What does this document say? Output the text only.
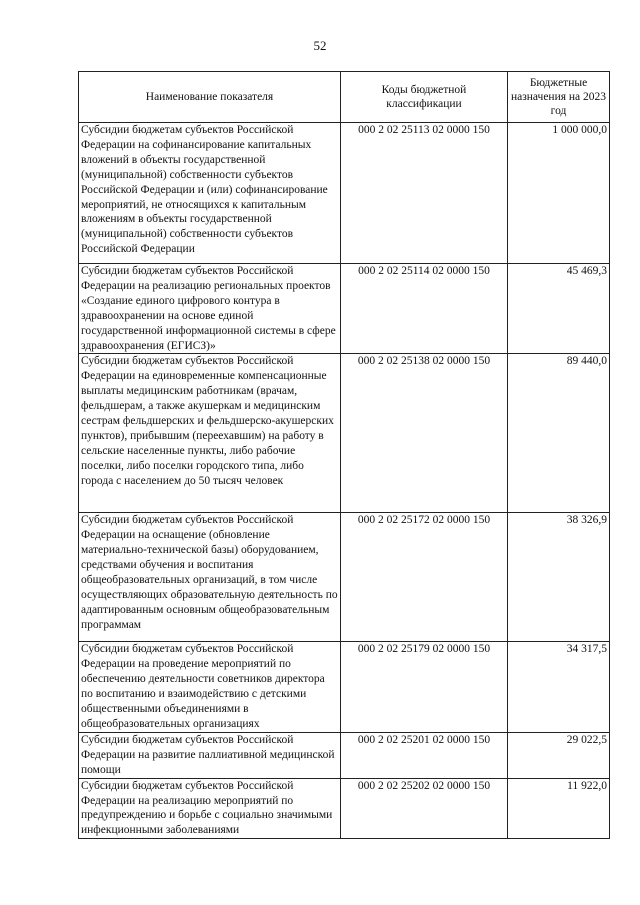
52
Наименование показателя	Коды бюджетной классификации	Бюджетные назначения на 2023 год
Субсидии бюджетам субъектов Российской Федерации на софинансирование капитальных вложений в объекты государственной (муниципальной) собственности субъектов Российской Федерации и (или) софинансирование мероприятий, не относящихся к капитальным вложениям в объекты государственной (муниципальной) собственности субъектов Российской Федерации	000 2 02 25113 02 0000 150	1 000 000,0
Субсидии бюджетам субъектов Российской Федерации на реализацию региональных проектов «Создание единого цифрового контура в здравоохранении на основе единой государственной информационной системы в сфере здравоохранения (ЕГИСЗ)»	000 2 02 25114 02 0000 150	45 469,3
Субсидии бюджетам субъектов Российской Федерации на единовременные компенсационные выплаты медицинским работникам (врачам, фельдшерам, а также акушеркам и медицинским сестрам фельдшерских и фельдшерско-акушерских пунктов), прибывшим (переехавшим) на работу в сельские населенные пункты, либо рабочие поселки, либо поселки городского типа, либо города с населением до 50 тысяч человек	000 2 02 25138 02 0000 150	89 440,0
Субсидии бюджетам субъектов Российской Федерации на оснащение (обновление материально-технической базы) оборудованием, средствами обучения и воспитания общеобразовательных организаций, в том числе осуществляющих образовательную деятельность по адаптированным основным общеобразовательным программам	000 2 02 25172 02 0000 150	38 326,9
Субсидии бюджетам субъектов Российской Федерации на проведение мероприятий по обеспечению деятельности советников директора по воспитанию и взаимодействию с детскими общественными объединениями в общеобразовательных организациях	000 2 02 25179 02 0000 150	34 317,5
Субсидии бюджетам субъектов Российской Федерации на развитие паллиативной медицинской помощи	000 2 02 25201 02 0000 150	29 022,5
Субсидии бюджетам субъектов Российской Федерации на реализацию мероприятий по предупреждению и борьбе с социально значимыми инфекционными заболеваниями	000 2 02 25202 02 0000 150	11 922,0
